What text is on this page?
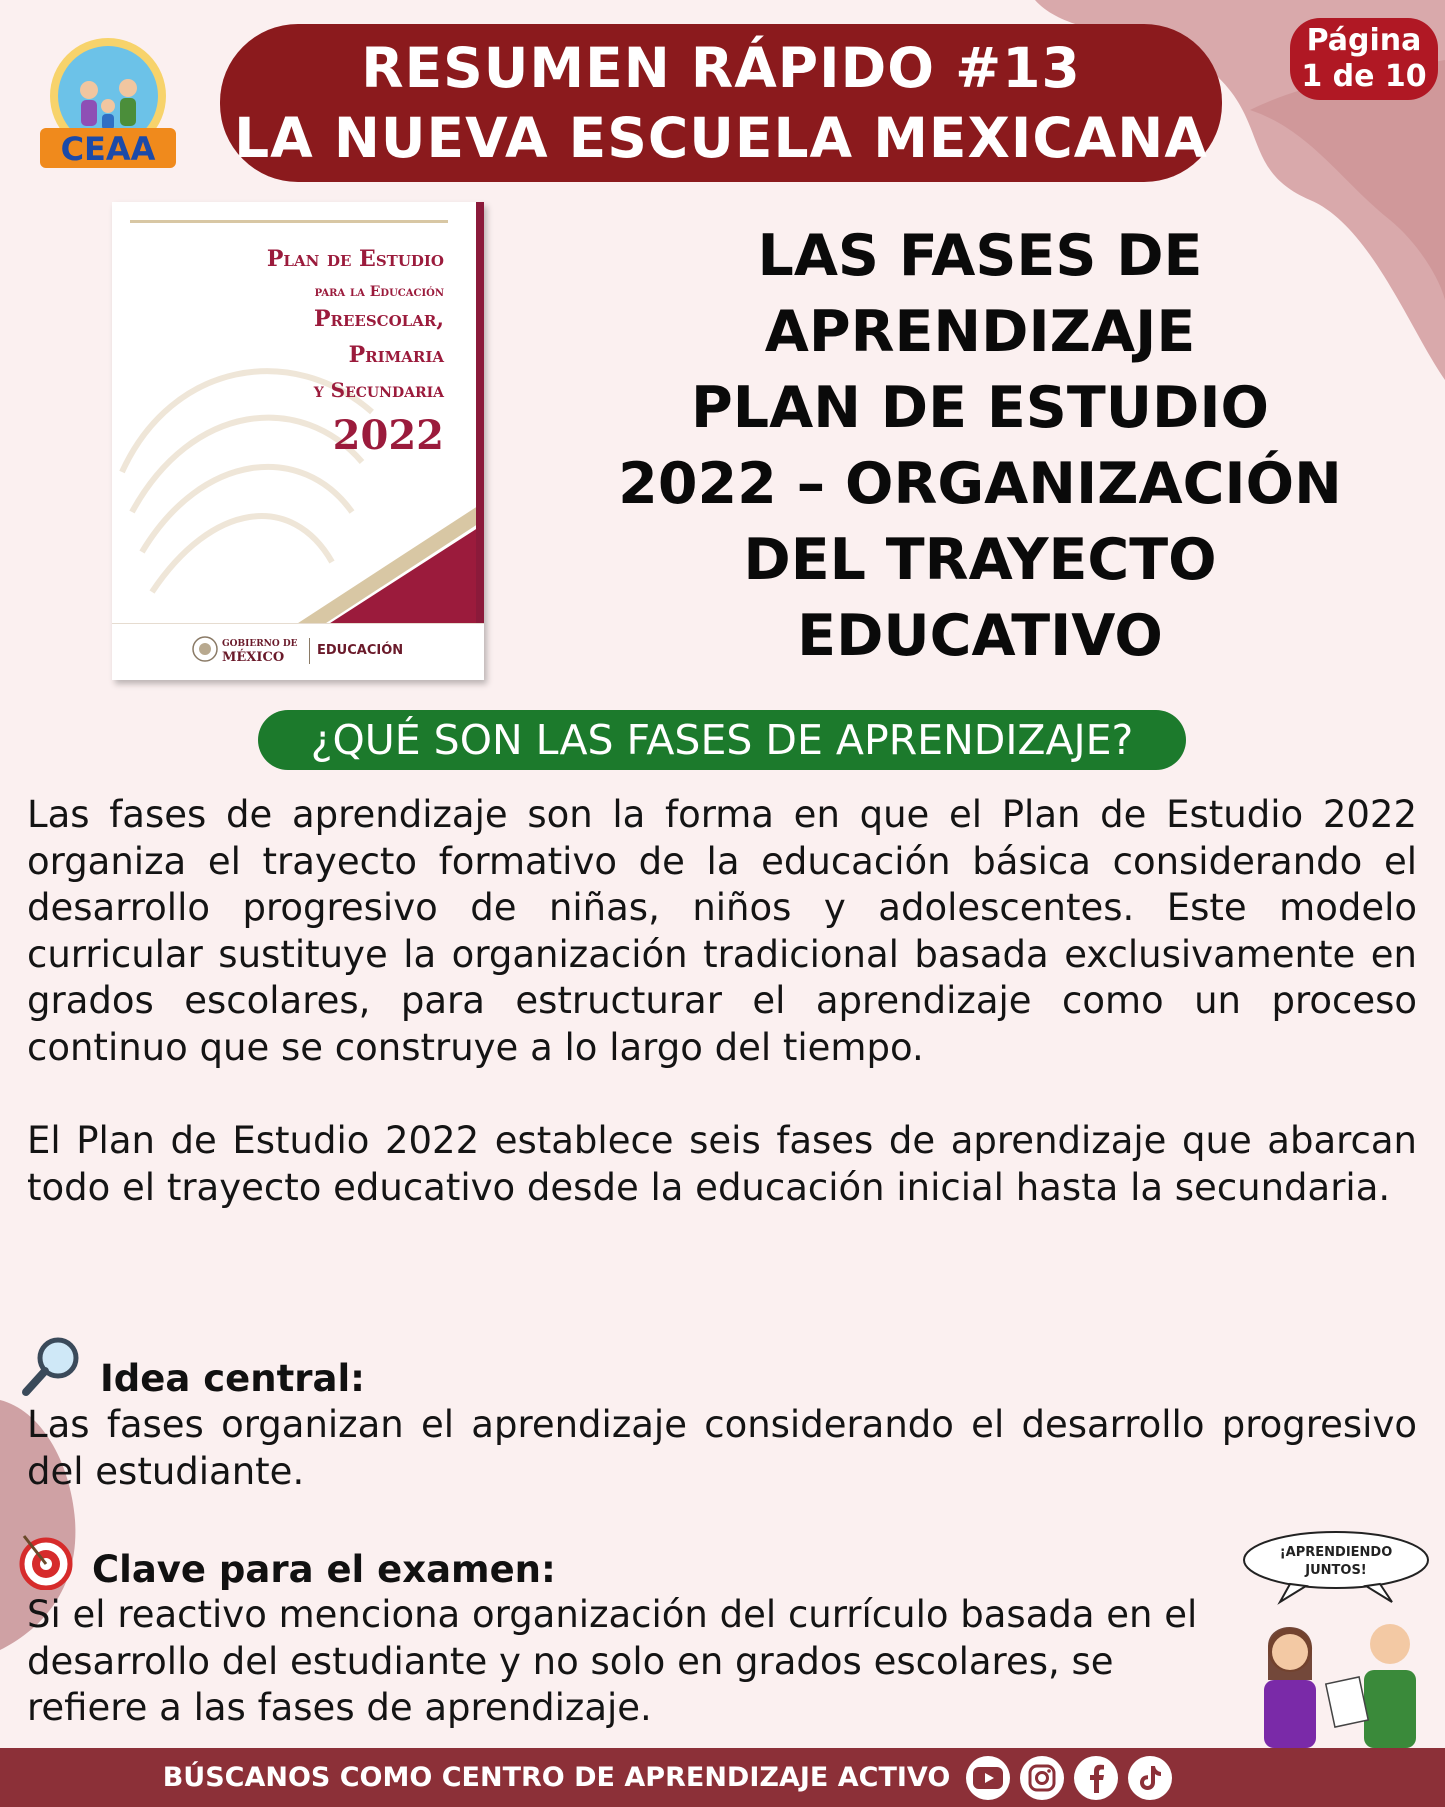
CEAA
RESUMEN RÁPIDO #13
LA NUEVA ESCUELA MEXICANA
Página
1 de 10
Plan de Estudio
para la Educación
Preescolar,
Primaria
y Secundaria
2022
GOBIERNO DE
MÉXICO	EDUCACIÓN
LAS FASES DE
APRENDIZAJE
PLAN DE ESTUDIO
2022 – ORGANIZACIÓN
DEL TRAYECTO
EDUCATIVO
¿QUÉ SON LAS FASES DE APRENDIZAJE?
Las fases de aprendizaje son la forma en que el Plan de Estudio 2022 organiza el trayecto formativo de la educación básica considerando el desarrollo progresivo de niñas, niños y adolescentes. Este modelo curricular sustituye la organización tradicional basada exclusivamente en grados escolares, para estructurar el aprendizaje como un proceso continuo que se construye a lo largo del tiempo.
El Plan de Estudio 2022 establece seis fases de aprendizaje que abarcan todo el trayecto educativo desde la educación inicial hasta la secundaria.
Idea central:
Las fases organizan el aprendizaje considerando el desarrollo progresivo del estudiante.
Clave para el examen:
Si el reactivo menciona organización del currículo basada en el desarrollo del estudiante y no solo en grados escolares, se refiere a las fases de aprendizaje.
¡APRENDIENDO
JUNTOS!
BÚSCANOS COMO CENTRO DE APRENDIZAJE ACTIVO
